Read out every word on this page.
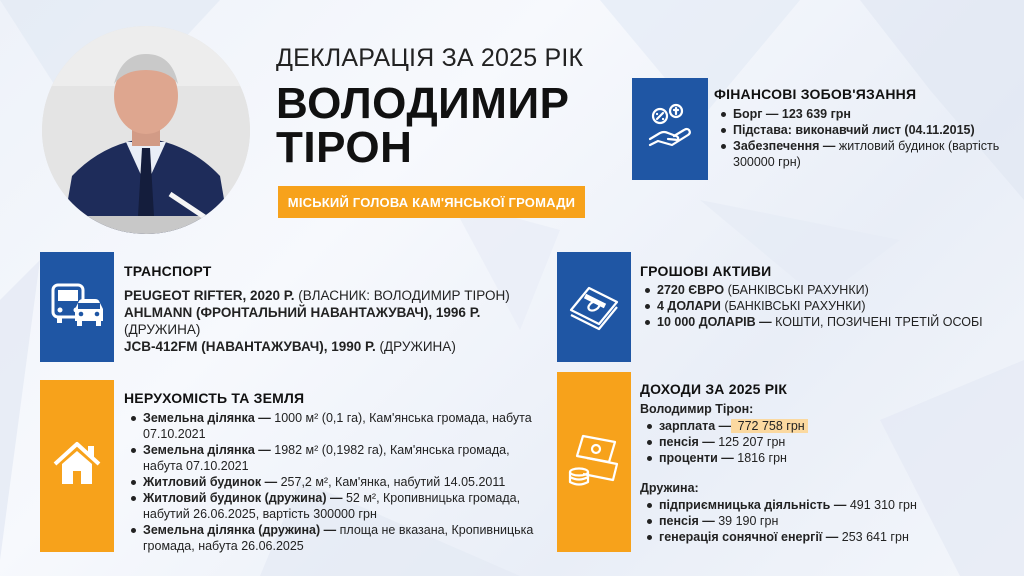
ДЕКЛАРАЦІЯ ЗА 2025 РІК
ВОЛОДИМИР
ТІРОН
МІСЬКИЙ ГОЛОВА КАМ'ЯНСЬКОЇ ГРОМАДИ
ФІНАНСОВІ ЗОБОВ'ЯЗАННЯ
Борг — 123 639 грн
Підстава: виконавчий лист (04.11.2015)
Забезпечення — житловий будинок (вартість 300000 грн)
ТРАНСПОРТ

PEUGEOT RIFTER, 2020 Р. (ВЛАСНИК: ВОЛОДИМИР ТІРОН)

AHLMANN (ФРОНТАЛЬНИЙ НАВАНТАЖУВАЧ), 1996 Р. (ДРУЖИНА)

JCB-412FM (НАВАНТАЖУВАЧ), 1990 Р. (ДРУЖИНА)

ГРОШОВІ АКТИВИ
2720 ЄВРО (БАНКІВСЬКІ РАХУНКИ)
4 ДОЛАРИ (БАНКІВСЬКІ РАХУНКИ)
10 000 ДОЛАРІВ — КОШТИ, ПОЗИЧЕНІ ТРЕТІЙ ОСОБІ
НЕРУХОМІСТЬ ТА ЗЕМЛЯ
Земельна ділянка — 1000 м² (0,1 га), Кам'янська громада, набута 07.10.2021
Земельна ділянка — 1982 м² (0,1982 га), Кам'янська громада, набута 07.10.2021
Житловий будинок — 257,2 м², Кам'янка, набутий 14.05.2011
Житловий будинок (дружина) — 52 м², Кропивницька громада, набутий 26.06.2025, вартість 300000 грн
Земельна ділянка (дружина) — площа не вказана, Кропивницька громада, набута 26.06.2025
ДОХОДИ ЗА 2025 РІК
Володимир Тірон:
зарплата — 772 758 грн
пенсія — 125 207 грн
проценти — 1816 грн
Дружина:
підприємницька діяльність — 491 310 грн
пенсія — 39 190 грн
генерація сонячної енергії — 253 641 грн
